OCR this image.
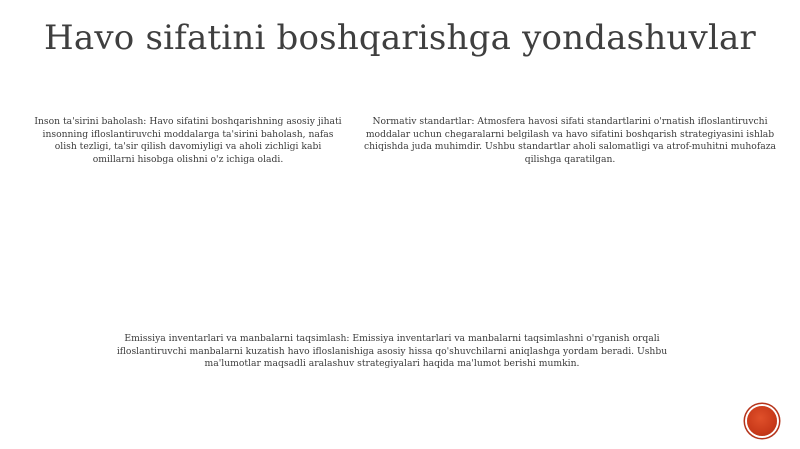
Havo sifatini boshqarishga yondashuvlar
Inson ta'sirini baholash: Havo sifatini boshqarishning asosiy jihati insonning ifloslantiruvchi moddalarga ta'sirini baholash, nafas olish tezligi, ta'sir qilish davomiyligi va aholi zichligi kabi omillarni hisobga olishni o'z ichiga oladi.
Normativ standartlar: Atmosfera havosi sifati standartlarini o'rnatish ifloslantiruvchi moddalar uchun chegaralarni belgilash va havo sifatini boshqarish strategiyasini ishlab chiqishda juda muhimdir. Ushbu standartlar aholi salomatligi va atrof-muhitni muhofaza qilishga qaratilgan.
Emissiya inventarlari va manbalarni taqsimlash: Emissiya inventarlari va manbalarni taqsimlashni o'rganish orqali ifloslantiruvchi manbalarni kuzatish havo ifloslanishiga asosiy hissa qo'shuvchilarni aniqlashga yordam beradi. Ushbu ma'lumotlar maqsadli aralashuv strategiyalari haqida ma'lumot berishi mumkin.
